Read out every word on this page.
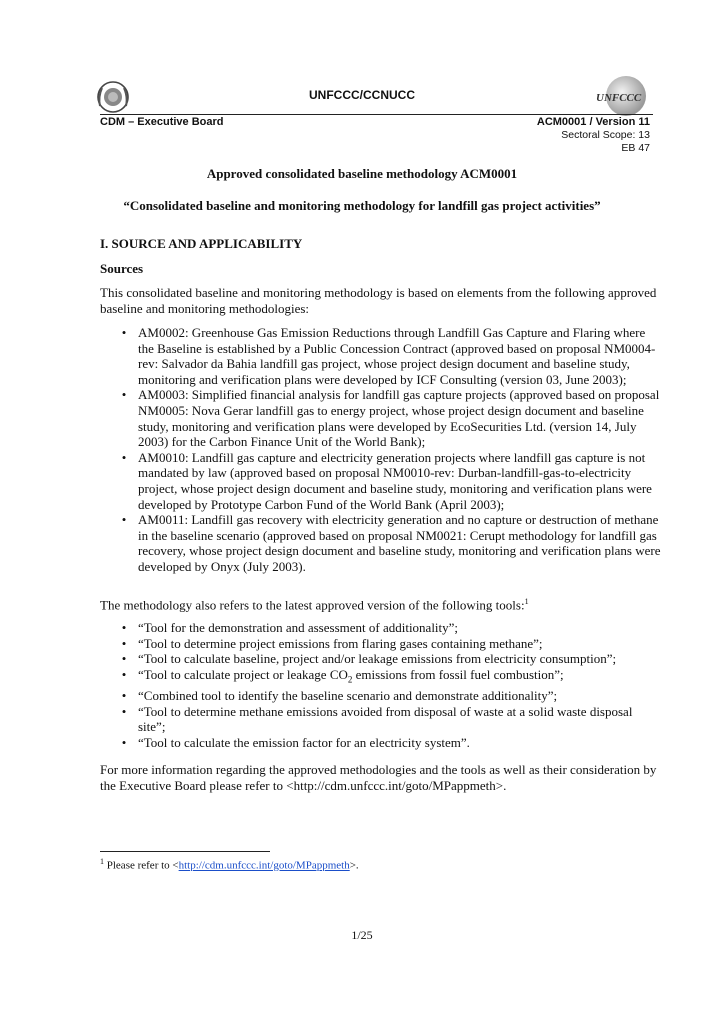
UNFCCC/CCNUCC	UNFCCC
CDM – Executive Board	ACM0001 / Version 11
Sectoral Scope: 13
EB 47
Approved consolidated baseline methodology ACM0001
“Consolidated baseline and monitoring methodology for landfill gas project activities”
I. SOURCE AND APPLICABILITY
Sources
This consolidated baseline and monitoring methodology is based on elements from the following approved baseline and monitoring methodologies:
• AM0002: Greenhouse Gas Emission Reductions through Landfill Gas Capture and Flaring where the Baseline is established by a Public Concession Contract (approved based on proposal NM0004-rev: Salvador da Bahia landfill gas project, whose project design document and baseline study, monitoring and verification plans were developed by ICF Consulting (version 03, June 2003);
• AM0003: Simplified financial analysis for landfill gas capture projects (approved based on proposal NM0005: Nova Gerar landfill gas to energy project, whose project design document and baseline study, monitoring and verification plans were developed by EcoSecurities Ltd. (version 14, July 2003) for the Carbon Finance Unit of the World Bank);
• AM0010: Landfill gas capture and electricity generation projects where landfill gas capture is not mandated by law (approved based on proposal NM0010-rev: Durban-landfill-gas-to-electricity project, whose project design document and baseline study, monitoring and verification plans were developed by Prototype Carbon Fund of the World Bank (April 2003);
• AM0011: Landfill gas recovery with electricity generation and no capture or destruction of methane in the baseline scenario (approved based on proposal NM0021: Cerupt methodology for landfill gas recovery, whose project design document and baseline study, monitoring and verification plans were developed by Onyx (July 2003).
The methodology also refers to the latest approved version of the following tools:$^1$
• “Tool for the demonstration and assessment of additionality”;
• “Tool to determine project emissions from flaring gases containing methane”;
• “Tool to calculate baseline, project and/or leakage emissions from electricity consumption”;
• “Tool to calculate project or leakage $CO_2$ emissions from fossil fuel combustion”;
• “Combined tool to identify the baseline scenario and demonstrate additionality”;
• “Tool to determine methane emissions avoided from disposal of waste at a solid waste disposal site”;
• “Tool to calculate the emission factor for an electricity system”.
For more information regarding the approved methodologies and the tools as well as their consideration by the Executive Board please refer to <http://cdm.unfccc.int/goto/MPappmeth>.
$^1$ Please refer to <http://cdm.unfccc.int/goto/MPappmeth>.
1/25
